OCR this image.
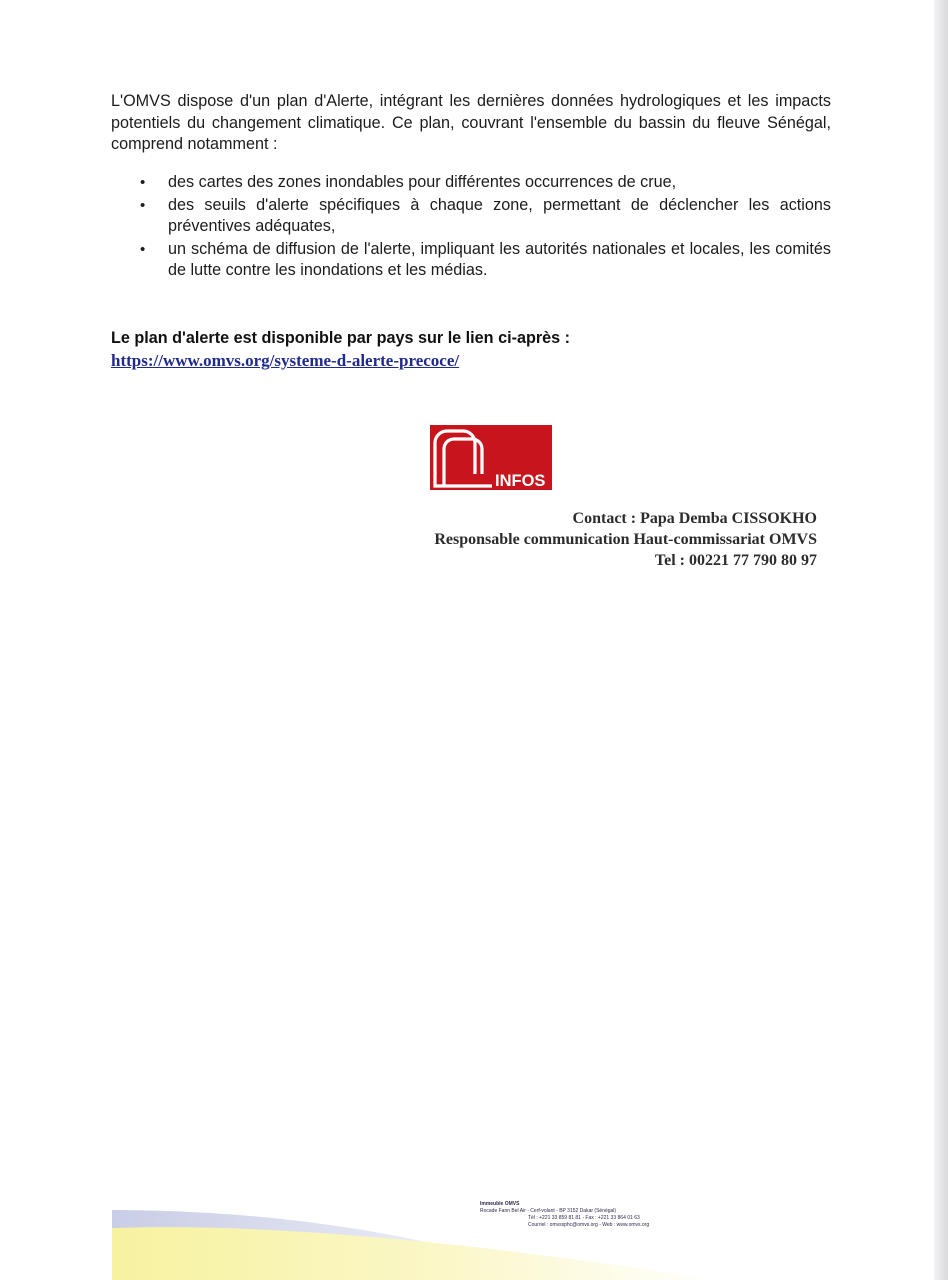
L'OMVS dispose d'un plan d'Alerte, intégrant les dernières données hydrologiques et les impacts potentiels du changement climatique. Ce plan, couvrant l'ensemble du bassin du fleuve Sénégal, comprend notamment :

• des cartes des zones inondables pour différentes occurrences de crue,
• des seuils d'alerte spécifiques à chaque zone, permettant de déclencher les actions préventives adéquates,
• un schéma de diffusion de l'alerte, impliquant les autorités nationales et locales, les comités de lutte contre les inondations et les médias.
Le plan d'alerte est disponible par pays sur le lien ci-après :
https://www.omvs.org/systeme-d-alerte-precoce/
INFOS
Contact : Papa Demba CISSOKHO
Responsable communication Haut-commissariat OMVS
Tel : 00221 77 790 80 97
Immeuble OMVS
Rocade Fann Bel Air - Cerf-volant - BP 3152 Dakar (Sénégal)
Tél : +221 33 859 81 81 - Fax : +221 33 864 01 63
Courriel : omvssphc@omvs.org - Web : www.omvs.org
